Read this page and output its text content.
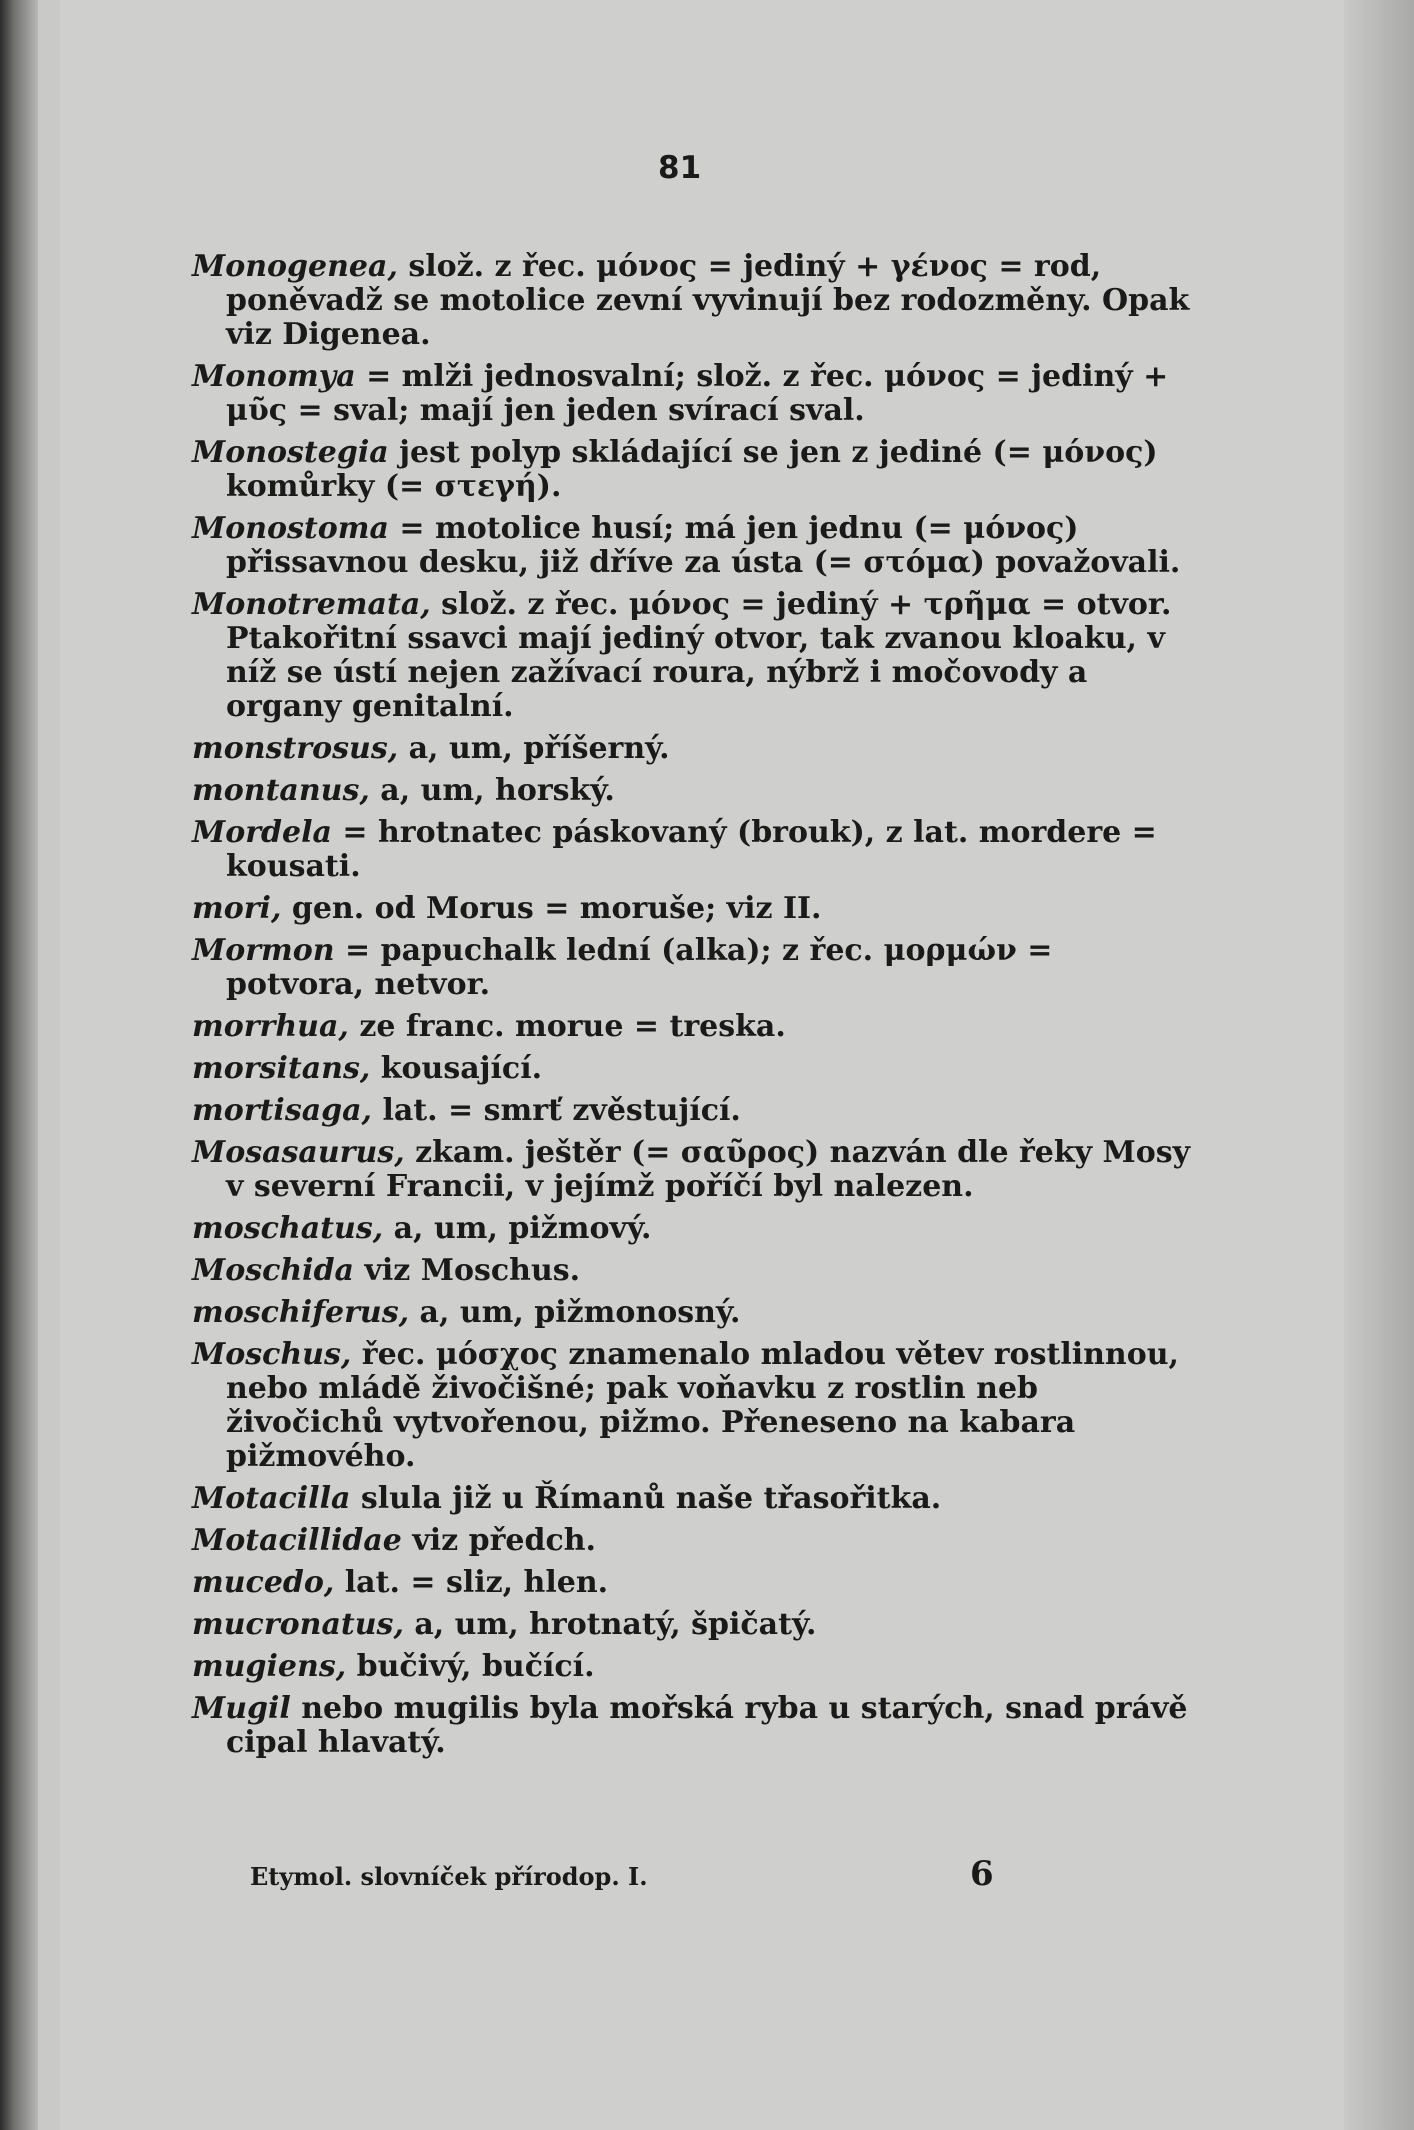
81

Monogenea, slož. z řec. μόνος = jediný + γένος = rod, poněvadž se motolice zevní vyvinují bez rodozměny. Opak viz Digenea.

Monomya = mlži jednosvalní; slož. z řec. μόνος = jediný + μῦς = sval; mají jen jeden svírací sval.

Monostegia jest polyp skládající se jen z jediné (= μόνος) komůrky (= στεγή).

Monostoma = motolice husí; má jen jednu (= μόνος) přissavnou desku, již dříve za ústa (= στόμα) považovali.

Monotremata, slož. z řec. μόνος = jediný + τρῆμα = otvor. Ptakořitní ssavci mají jediný otvor, tak zvanou kloaku, v níž se ústí nejen zažívací roura, nýbrž i močovody a organy genitalní.

monstrosus, a, um, příšerný.

montanus, a, um, horský.

Mordela = hrotnatec páskovaný (brouk), z lat. mordere = kousati.

mori, gen. od Morus = moruše; viz II.

Mormon = papuchalk lední (alka); z řec. μορμών = potvora, netvor.

morrhua, ze franc. morue = treska.

morsitans, kousající.

mortisaga, lat. = smrť zvěstující.

Mosasaurus, zkam. ještěr (= σαῦρος) nazván dle řeky Mosy v severní Francii, v jejímž poříčí byl nalezen.

moschatus, a, um, pižmový.

Moschida viz Moschus.

moschiferus, a, um, pižmonosný.

Moschus, řec. μόσχος znamenalo mladou větev rostlinnou, nebo mládě živočišné; pak voňavku z rostlin neb živočichů vytvořenou, pižmo. Přeneseno na kabara pižmového.

Motacilla slula již u Římanů naše třasořitka.

Motacillidae viz předch.

mucedo, lat. = sliz, hlen.

mucronatus, a, um, hrotnatý, špičatý.

mugiens, bučivý, bučící.

Mugil nebo mugilis byla mořská ryba u starých, snad právě cipal hlavatý.

Etymol. slovníček přírodop. I.	6
